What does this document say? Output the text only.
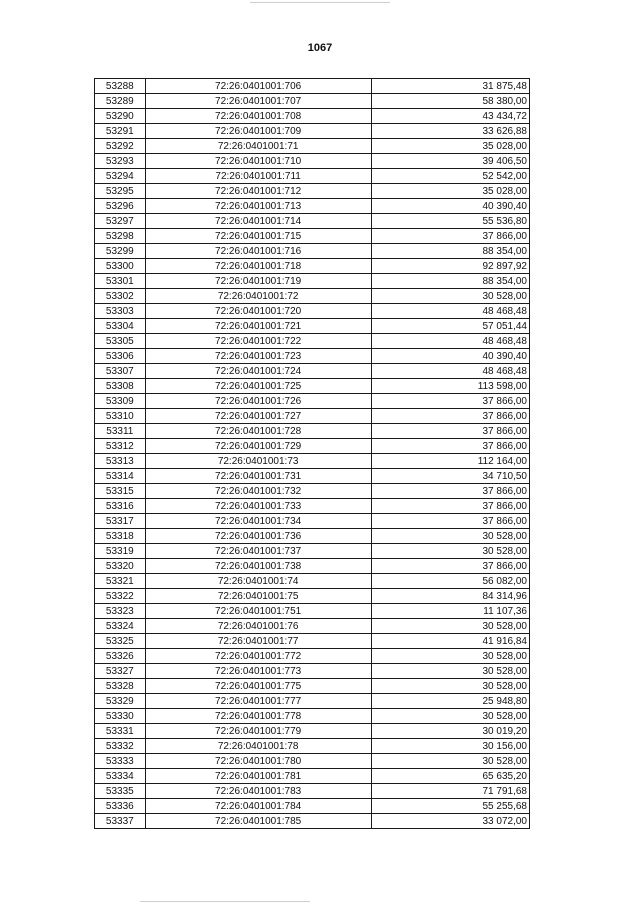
1067
53288	72:26:0401001:706	31 875,48
53289	72:26:0401001:707	58 380,00
53290	72:26:0401001:708	43 434,72
53291	72:26:0401001:709	33 626,88
53292	72:26:0401001:71	35 028,00
53293	72:26:0401001:710	39 406,50
53294	72:26:0401001:711	52 542,00
53295	72:26:0401001:712	35 028,00
53296	72:26:0401001:713	40 390,40
53297	72:26:0401001:714	55 536,80
53298	72:26:0401001:715	37 866,00
53299	72:26:0401001:716	88 354,00
53300	72:26:0401001:718	92 897,92
53301	72:26:0401001:719	88 354,00
53302	72:26:0401001:72	30 528,00
53303	72:26:0401001:720	48 468,48
53304	72:26:0401001:721	57 051,44
53305	72:26:0401001:722	48 468,48
53306	72:26:0401001:723	40 390,40
53307	72:26:0401001:724	48 468,48
53308	72:26:0401001:725	113 598,00
53309	72:26:0401001:726	37 866,00
53310	72:26:0401001:727	37 866,00
53311	72:26:0401001:728	37 866,00
53312	72:26:0401001:729	37 866,00
53313	72:26:0401001:73	112 164,00
53314	72:26:0401001:731	34 710,50
53315	72:26:0401001:732	37 866,00
53316	72:26:0401001:733	37 866,00
53317	72:26:0401001:734	37 866,00
53318	72:26:0401001:736	30 528,00
53319	72:26:0401001:737	30 528,00
53320	72:26:0401001:738	37 866,00
53321	72:26:0401001:74	56 082,00
53322	72:26:0401001:75	84 314,96
53323	72:26:0401001:751	11 107,36
53324	72:26:0401001:76	30 528,00
53325	72:26:0401001:77	41 916,84
53326	72:26:0401001:772	30 528,00
53327	72:26:0401001:773	30 528,00
53328	72:26:0401001:775	30 528,00
53329	72:26:0401001:777	25 948,80
53330	72:26:0401001:778	30 528,00
53331	72:26:0401001:779	30 019,20
53332	72:26:0401001:78	30 156,00
53333	72:26:0401001:780	30 528,00
53334	72:26:0401001:781	65 635,20
53335	72:26:0401001:783	71 791,68
53336	72:26:0401001:784	55 255,68
53337	72:26:0401001:785	33 072,00
